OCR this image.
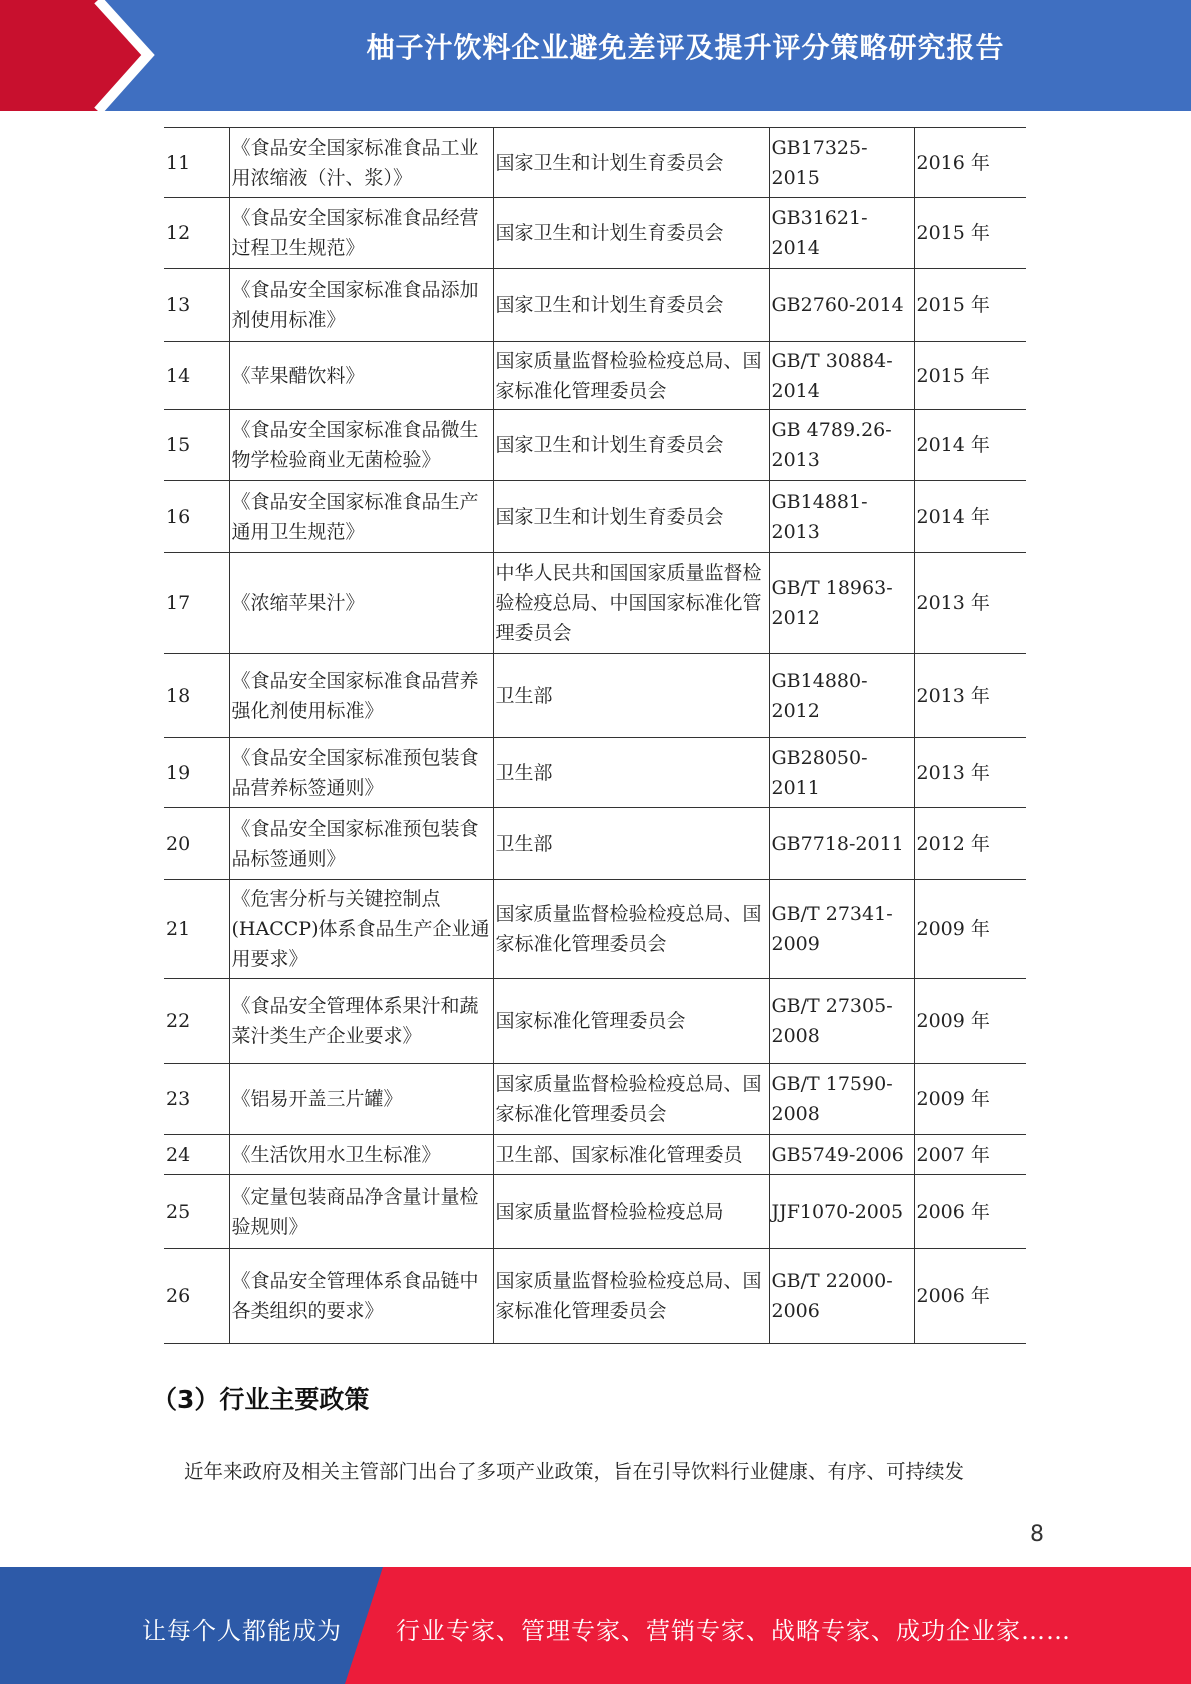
柚子汁饮料企业避免差评及提升评分策略研究报告
11	《食品安全国家标准食品工业用浓缩液（汁、浆）》	国家卫生和计划生育委员会	GB17325-2015	2016 年
12	《食品安全国家标准食品经营过程卫生规范》	国家卫生和计划生育委员会	GB31621-2014	2015 年
13	《食品安全国家标准食品添加剂使用标准》	国家卫生和计划生育委员会	GB2760-2014	2015 年
14	《苹果醋饮料》	国家质量监督检验检疫总局、国家标准化管理委员会	GB/T 30884-2014	2015 年
15	《食品安全国家标准食品微生物学检验商业无菌检验》	国家卫生和计划生育委员会	GB 4789.26-2013	2014 年
16	《食品安全国家标准食品生产通用卫生规范》	国家卫生和计划生育委员会	GB14881-2013	2014 年
17	《浓缩苹果汁》	中华人民共和国国家质量监督检验检疫总局、中国国家标准化管理委员会	GB/T 18963-2012	2013 年
18	《食品安全国家标准食品营养强化剂使用标准》	卫生部	GB14880-2012	2013 年
19	《食品安全国家标准预包装食品营养标签通则》	卫生部	GB28050-2011	2013 年
20	《食品安全国家标准预包装食品标签通则》	卫生部	GB7718-2011	2012 年
21	《危害分析与关键控制点(HACCP)体系食品生产企业通用要求》	国家质量监督检验检疫总局、国家标准化管理委员会	GB/T 27341-2009	2009 年
22	《食品安全管理体系果汁和蔬菜汁类生产企业要求》	国家标准化管理委员会	GB/T 27305-2008	2009 年
23	《铝易开盖三片罐》	国家质量监督检验检疫总局、国家标准化管理委员会	GB/T 17590-2008	2009 年
24	《生活饮用水卫生标准》	卫生部、国家标准化管理委员	GB5749-2006	2007 年
25	《定量包装商品净含量计量检验规则》	国家质量监督检验检疫总局	JJF1070-2005	2006 年
26	《食品安全管理体系食品链中各类组织的要求》	国家质量监督检验检疫总局、国家标准化管理委员会	GB/T 22000-2006	2006 年
（3）行业主要政策
近年来政府及相关主管部门出台了多项产业政策，旨在引导饮料行业健康、有序、可持续发
8
让每个人都能成为 行业专家、管理专家、营销专家、战略专家、成功企业家……
